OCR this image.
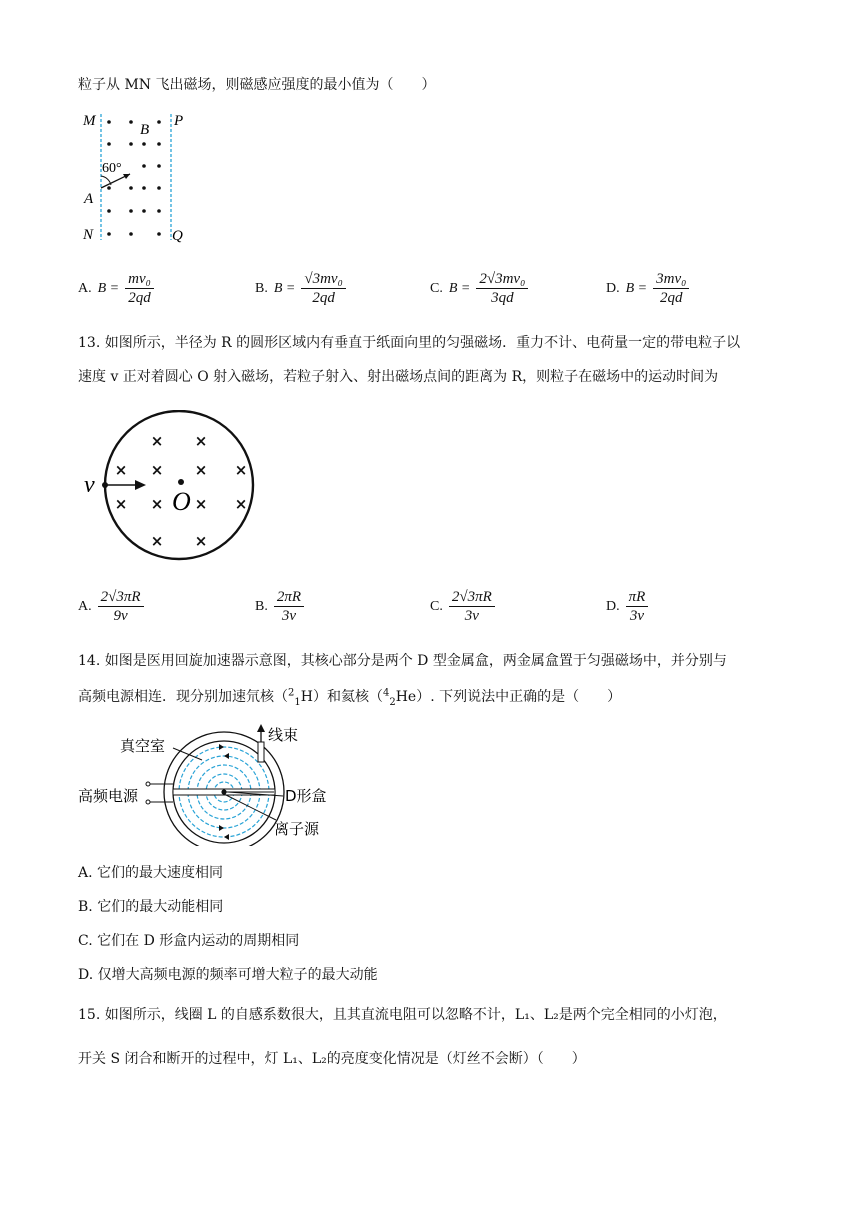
粒子从 MN 飞出磁场，则磁感应强度的最小值为（　　）
M
B
P
60°
A
N	Q
A. $B = \frac{\text{mv₀}}{2qd}$	B. $B = \frac{\text{√3mv₀}}{2qd}$	C. $B = \frac{\text{2√3mv₀}}{3qd}$	D. $B = \frac{\text{3mv₀}}{2qd}$
13. 如图所示，半径为 R 的圆形区域内有垂直于纸面向里的匀强磁场．重力不计、电荷量一定的带电粒子以
速度 v 正对着圆心 O 射入磁场，若粒子射入、射出磁场点间的距离为 R，则粒子在磁场中的运动时间为
× ×
× × × ×
× × × ×
× ×
v
O
A. $\frac{2√3\pi R}{9v}$	B. $\frac{2\pi R}{3v}$	C. $\frac{2√3\pi R}{3v}$	D. $\frac{\pi R}{3v}$
14. 如图是医用回旋加速器示意图，其核心部分是两个 D 型金属盒，两金属盒置于匀强磁场中，并分别与
高频电源相连．现分别加速氘核（$^2_1$H）和氦核（$^4_2$He）. 下列说法中正确的是（　　）
真空室
线束
高频电源	D形盒
离子源
A. 它们的最大速度相同
B. 它们的最大动能相同
C. 它们在 D 形盒内运动的周期相同
D. 仅增大高频电源的频率可增大粒子的最大动能
15. 如图所示，线圈 L 的自感系数很大，且其直流电阻可以忽略不计，L₁、L₂是两个完全相同的小灯泡，
开关 S 闭合和断开的过程中，灯 L₁、L₂的亮度变化情况是（灯丝不会断）（　　）
